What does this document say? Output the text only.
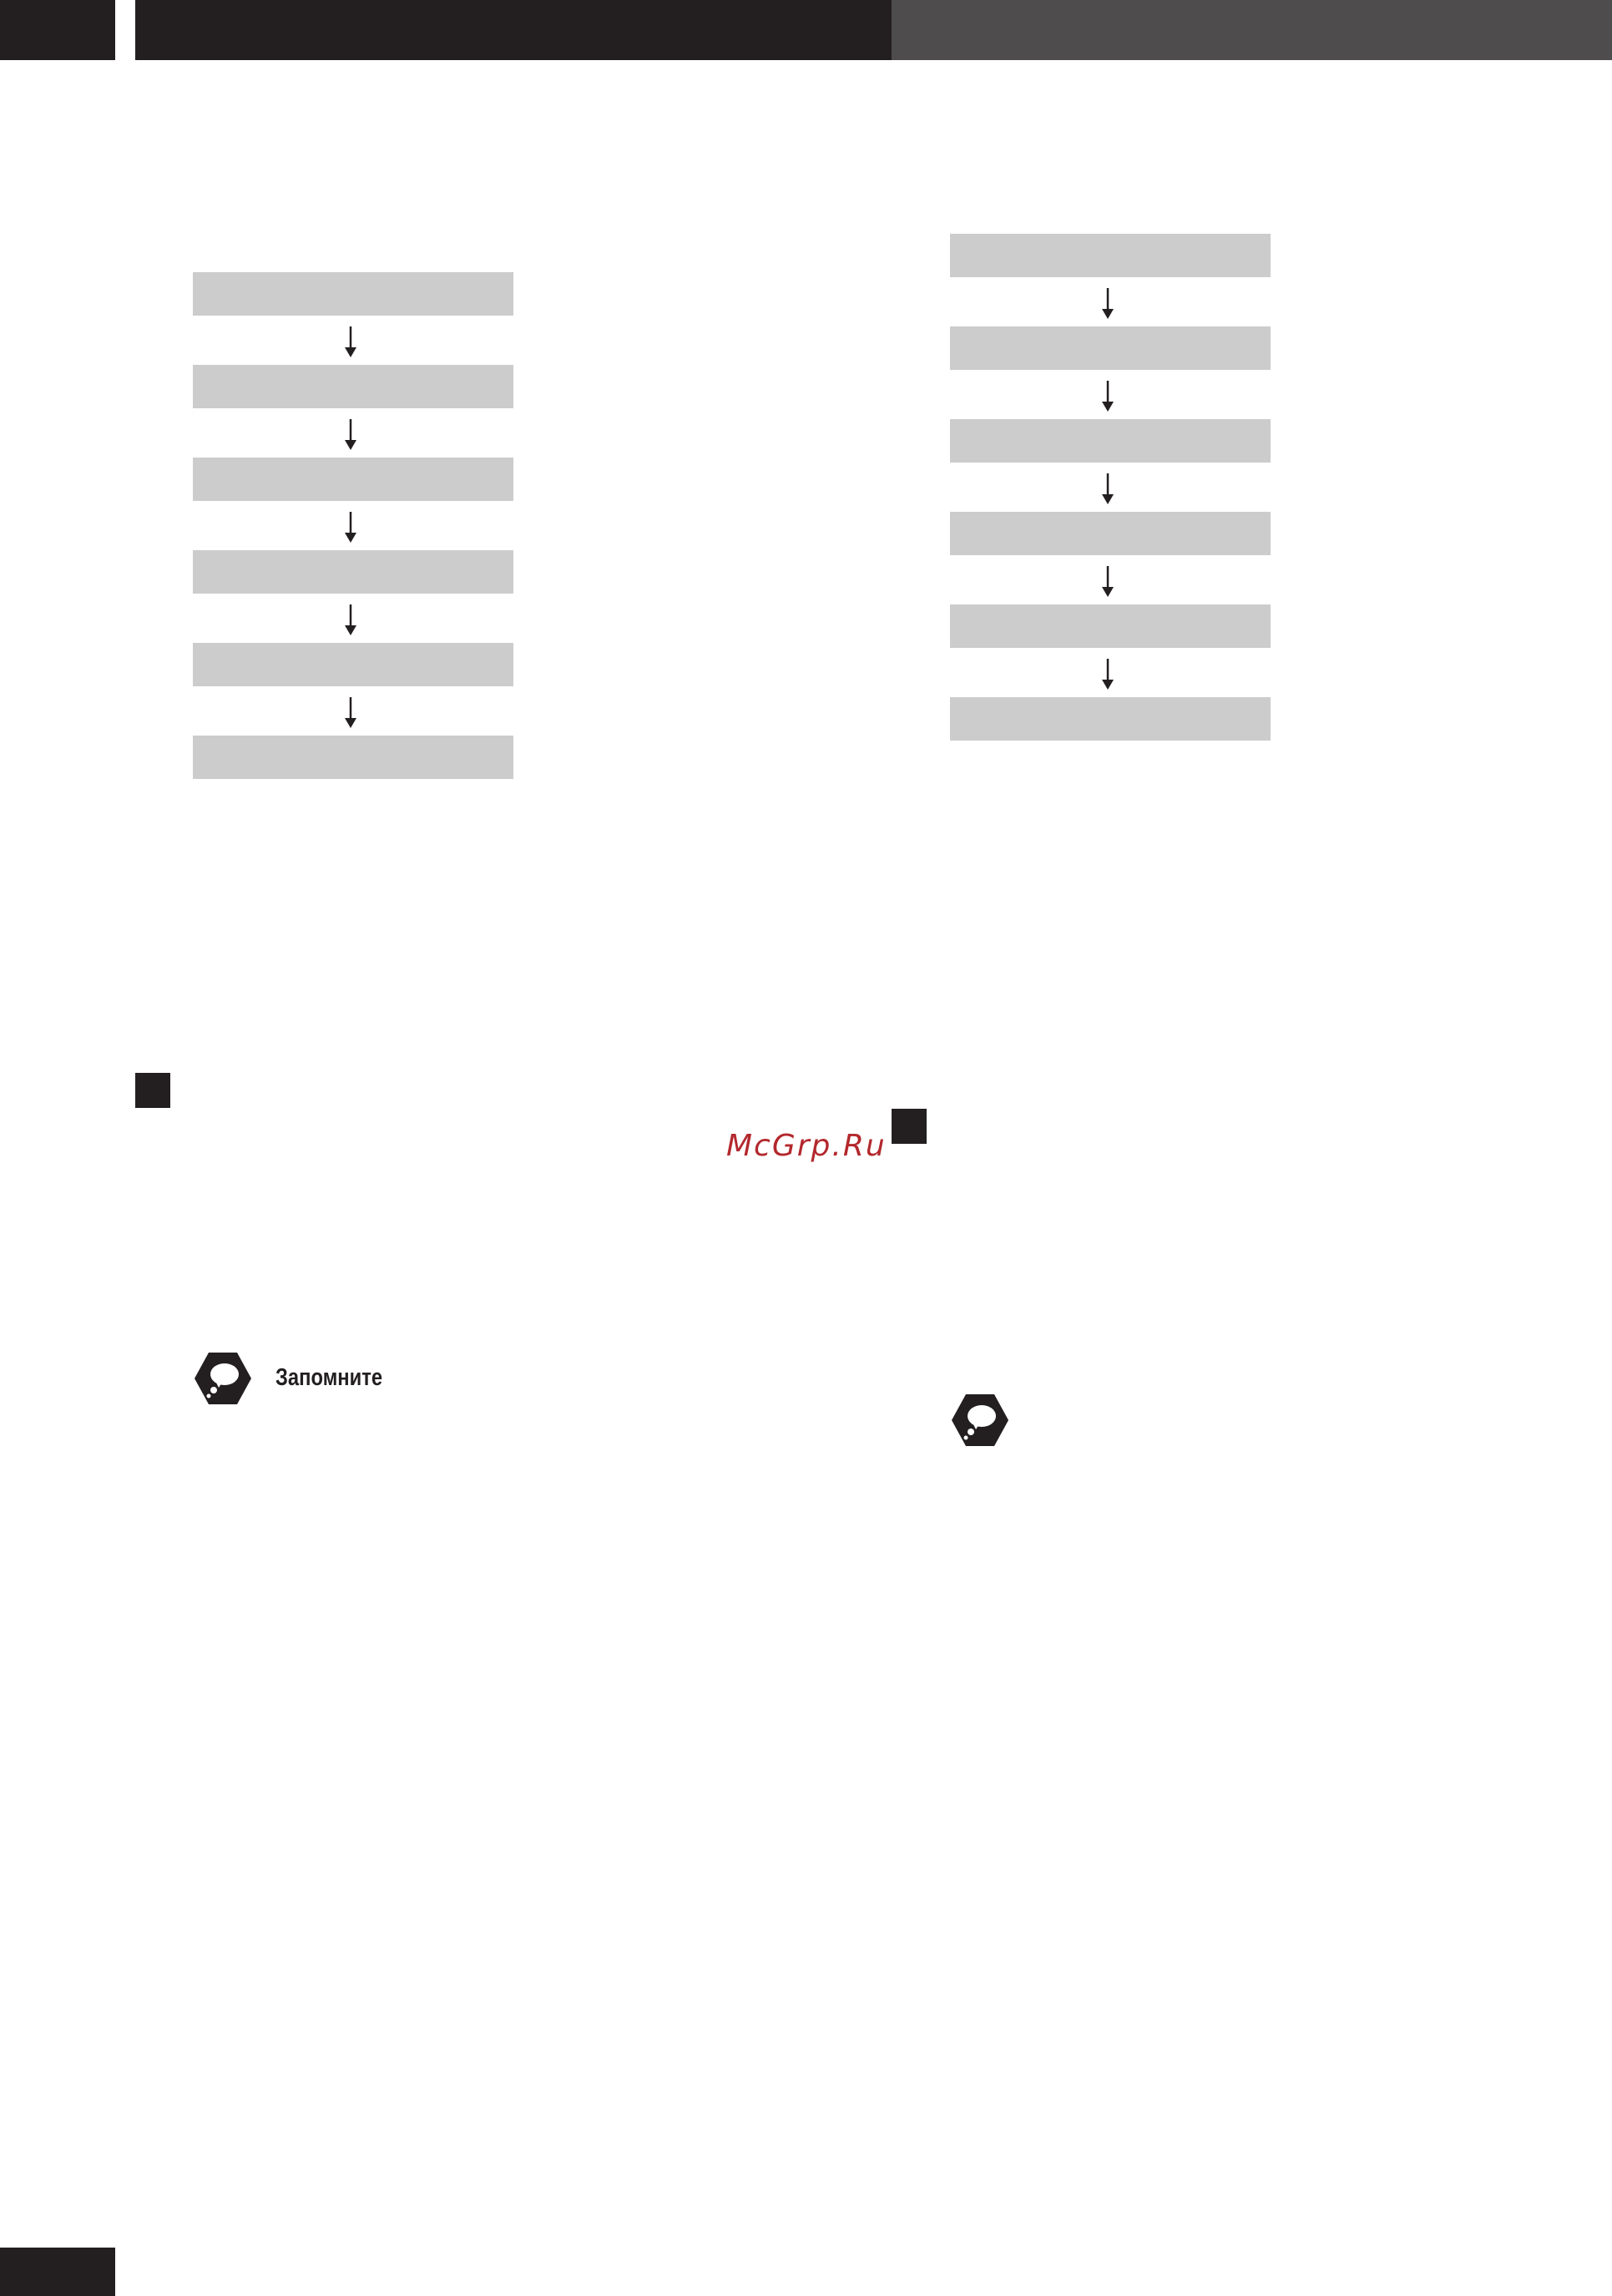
McGrp.Ru
Запомните
